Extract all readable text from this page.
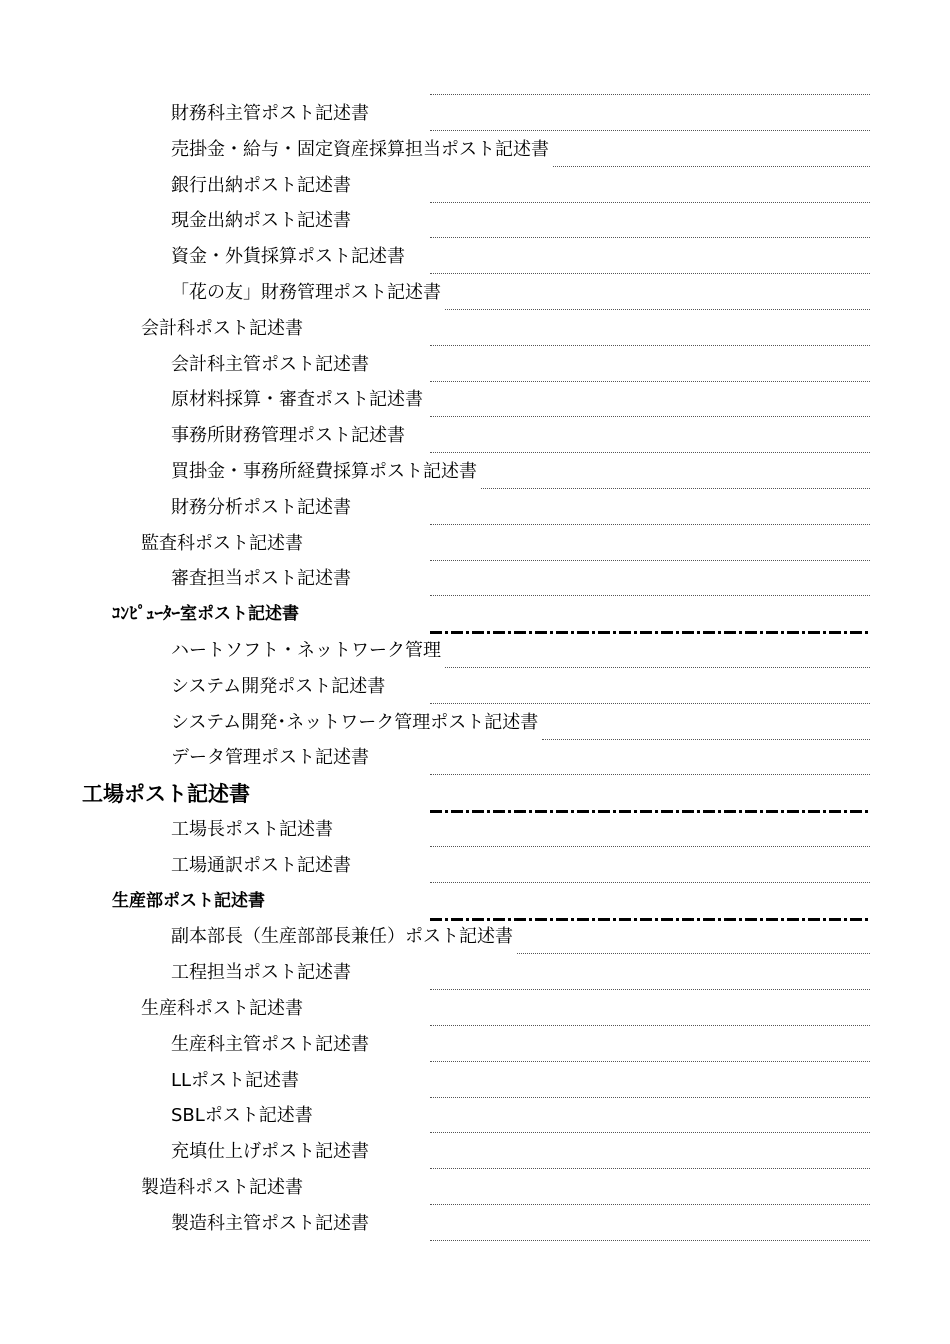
財務科主管ポスト記述書
売掛金・給与・固定資産採算担当ポスト記述書
銀行出納ポスト記述書
現金出納ポスト記述書
資金・外貨採算ポスト記述書
「花の友」財務管理ポスト記述書
会計科ポスト記述書
会計科主管ポスト記述書
原材料採算・審査ポスト記述書
事務所財務管理ポスト記述書
買掛金・事務所経費採算ポスト記述書
財務分析ポスト記述書
監査科ポスト記述書
審査担当ポスト記述書
ｺﾝﾋﾟｭｰﾀｰ室ポスト記述書
ハートソフト・ネットワーク管理
システム開発ポスト記述書
システム開発･ネットワーク管理ポスト記述書
データ管理ポスト記述書
工場ポスト記述書
工場長ポスト記述書
工場通訳ポスト記述書
生産部ポスト記述書
副本部長（生産部部長兼任）ポスト記述書
工程担当ポスト記述書
生産科ポスト記述書
生産科主管ポスト記述書
LLポスト記述書
SBLポスト記述書
充填仕上げポスト記述書
製造科ポスト記述書
製造科主管ポスト記述書
